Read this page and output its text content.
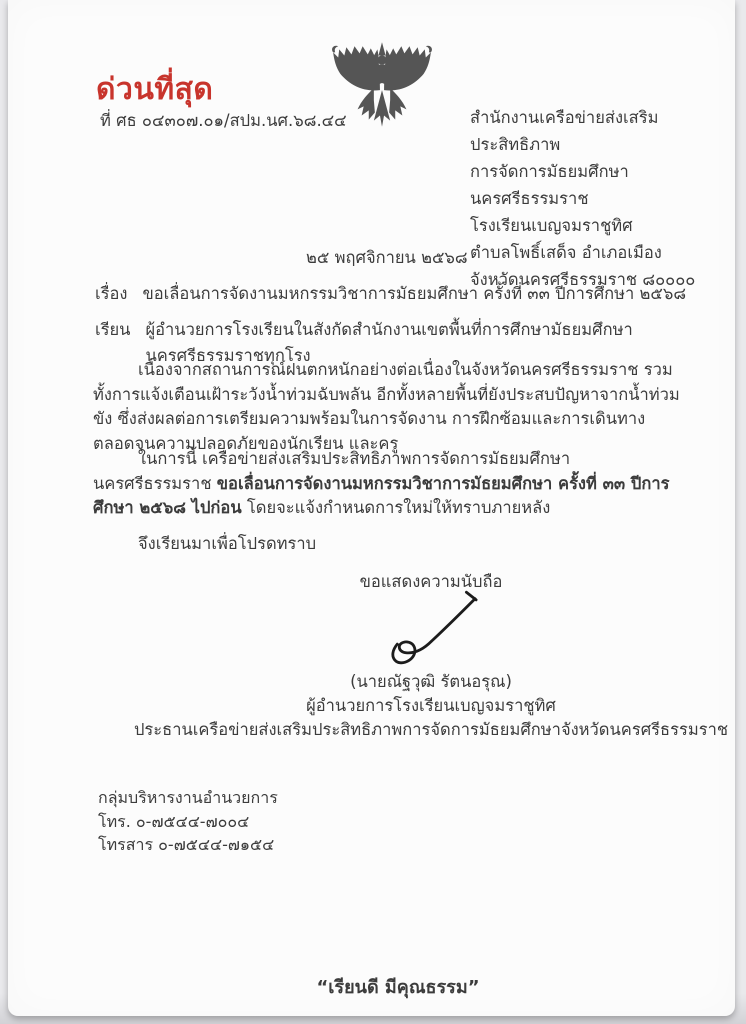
ด่วนที่สุด
ที่ ศธ ๐๔๓๐๗.๐๑/สปม.นศ.๖๘.๔๔	สำนักงานเครือข่ายส่งเสริมประสิทธิภาพ
การจัดการมัธยมศึกษา นครศรีธรรมราช
โรงเรียนเบญจมราชูทิศ
ตำบลโพธิ์เสด็จ อำเภอเมือง
จังหวัดนครศรีธรรมราช ๘๐๐๐๐
๒๕ พฤศจิกายน ๒๕๖๘
เรื่อง ขอเลื่อนการจัดงานมหกรรมวิชาการมัธยมศึกษา ครั้งที่ ๓๓ ปีการศึกษา ๒๕๖๘
เรียน ผู้อำนวยการโรงเรียนในสังกัดสำนักงานเขตพื้นที่การศึกษามัธยมศึกษานครศรีธรรมราชทุกโรง
เนื่องจากสถานการณ์ฝนตกหนักอย่างต่อเนื่องในจังหวัดนครศรีธรรมราช รวมทั้งการแจ้งเตือนเฝ้าระวังน้ำท่วมฉับพลัน อีกทั้งหลายพื้นที่ยังประสบปัญหาจากน้ำท่วมขัง ซึ่งส่งผลต่อการเตรียมความพร้อมในการจัดงาน การฝึกซ้อมและการเดินทาง ตลอดจนความปลอดภัยของนักเรียน และครู
ในการนี้ เครือข่ายส่งเสริมประสิทธิภาพการจัดการมัธยมศึกษา นครศรีธรรมราช ขอเลื่อนการจัดงานมหกรรมวิชาการมัธยมศึกษา ครั้งที่ ๓๓ ปีการศึกษา ๒๕๖๘ ไปก่อน โดยจะแจ้งกำหนดการใหม่ให้ทราบภายหลัง
จึงเรียนมาเพื่อโปรดทราบ
ขอแสดงความนับถือ
(นายณัฐวุฒิ รัตนอรุณ)
ผู้อำนวยการโรงเรียนเบญจมราชูทิศ
ประธานเครือข่ายส่งเสริมประสิทธิภาพการจัดการมัธยมศึกษาจังหวัดนครศรีธรรมราช
กลุ่มบริหารงานอำนวยการ
โทร. ๐-๗๕๔๔-๗๐๐๔
โทรสาร ๐-๗๕๔๔-๗๑๕๔
“เรียนดี มีคุณธรรม”
